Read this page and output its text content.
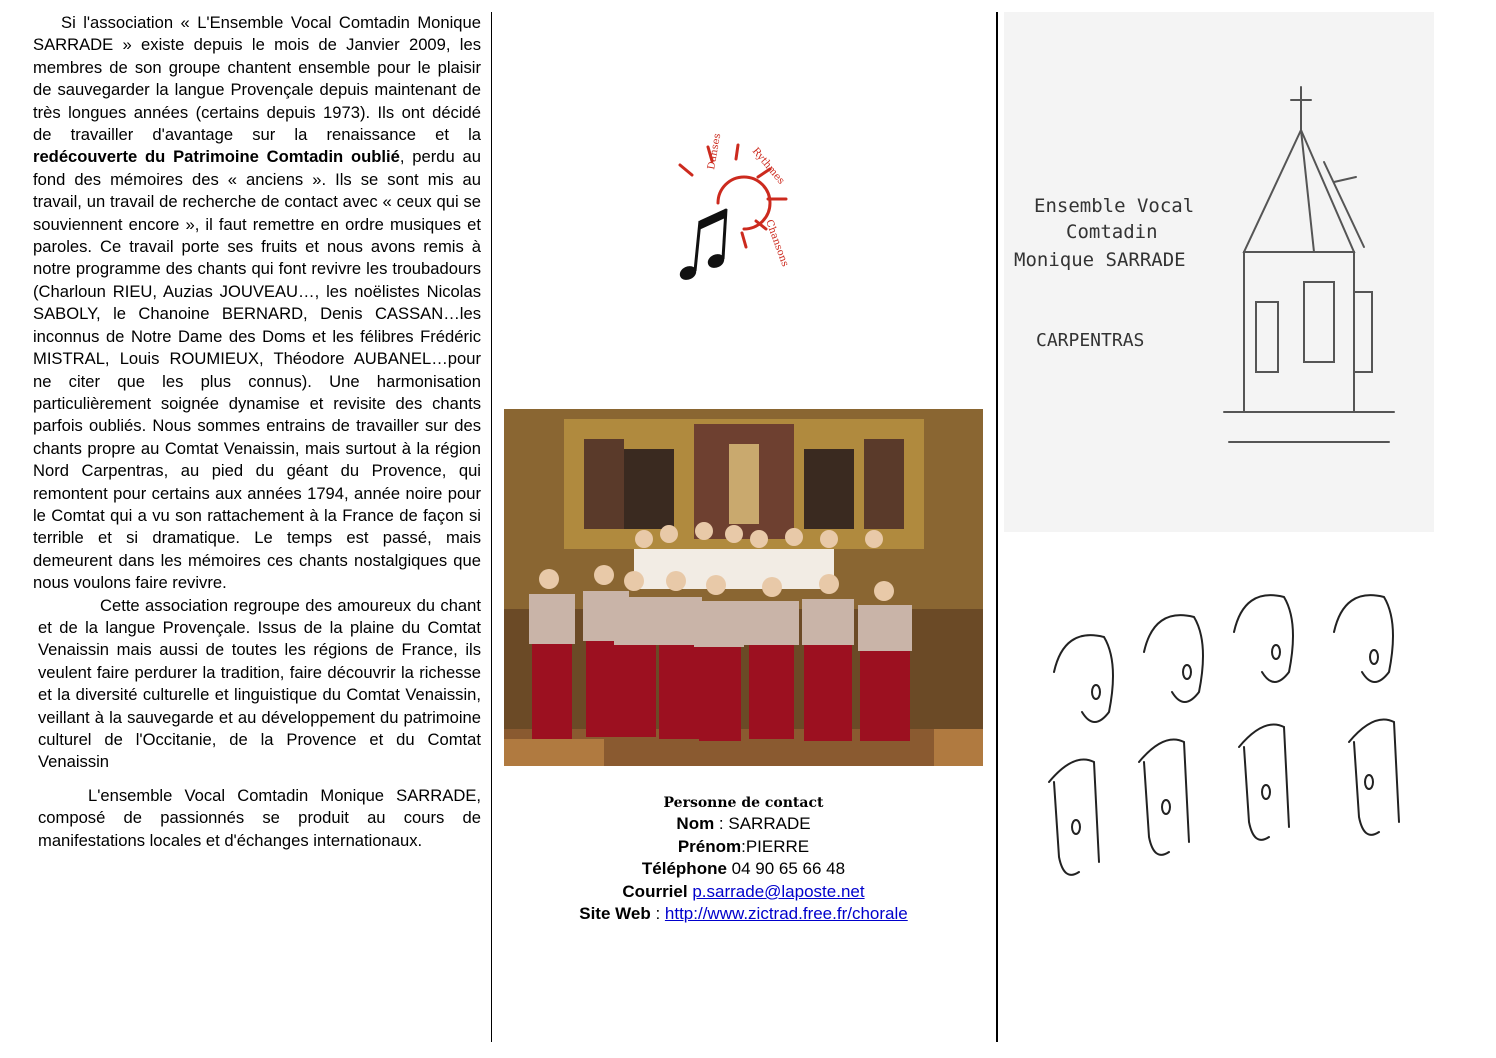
Si l'association « L'Ensemble Vocal Comtadin Monique SARRADE » existe depuis le mois de Janvier 2009, les membres de son groupe chantent ensemble pour le plaisir de sauvegarder la langue Provençale depuis maintenant de très longues années (certains depuis 1973). Ils ont décidé de travailler d'avantage sur la renaissance et la redécouverte du Patrimoine Comtadin oublié, perdu au fond des mémoires des « anciens ». Ils se sont mis au travail, un travail de recherche de contact avec « ceux qui se souviennent encore », il faut remettre en ordre musiques et paroles. Ce travail porte ses fruits et nous avons remis à notre programme des chants qui font revivre les troubadours (Charloun RIEU, Auzias JOUVEAU…, les noëlistes Nicolas SABOLY, le Chanoine BERNARD, Denis CASSAN…les inconnus de Notre Dame des Doms et les félibres Frédéric MISTRAL, Louis ROUMIEUX, Théodore AUBANEL…pour ne citer que les plus connus). Une harmonisation particulièrement soignée dynamise et revisite des chants parfois oubliés. Nous sommes entrains de travailler sur des chants propre au Comtat Venaissin, mais surtout à la région Nord Carpentras, au pied du géant du Provence, qui remontent pour certains aux années 1794, année noire pour le Comtat qui a vu son rattachement à la France de façon si terrible et si dramatique. Le temps est passé, mais demeurent dans les mémoires ces chants nostalgiques que nous voulons faire revivre.

Cette association regroupe des amoureux du chant et de la langue Provençale. Issus de la plaine du Comtat Venaissin mais aussi de toutes les régions de France, ils veulent faire perdurer la tradition, faire découvrir la richesse et la diversité culturelle et linguistique du Comtat Venaissin, veillant à la sauvegarde et au développement du patrimoine culturel de l'Occitanie, de la Provence et du Comtat Venaissin

L'ensemble Vocal Comtadin Monique SARRADE, composé de passionnés se produit au cours de manifestations locales et d'échanges internationaux.

Danses	Rythmes
Chansons
Personne de contact
Nom : SARRADE
Prénom:PIERRE
Téléphone 04 90 65 66 48
Courriel p.sarrade@laposte.net
Site Web : http://www.zictrad.free.fr/chorale
Ensemble Vocal
Comtadin
Monique SARRADE
CARPENTRAS
